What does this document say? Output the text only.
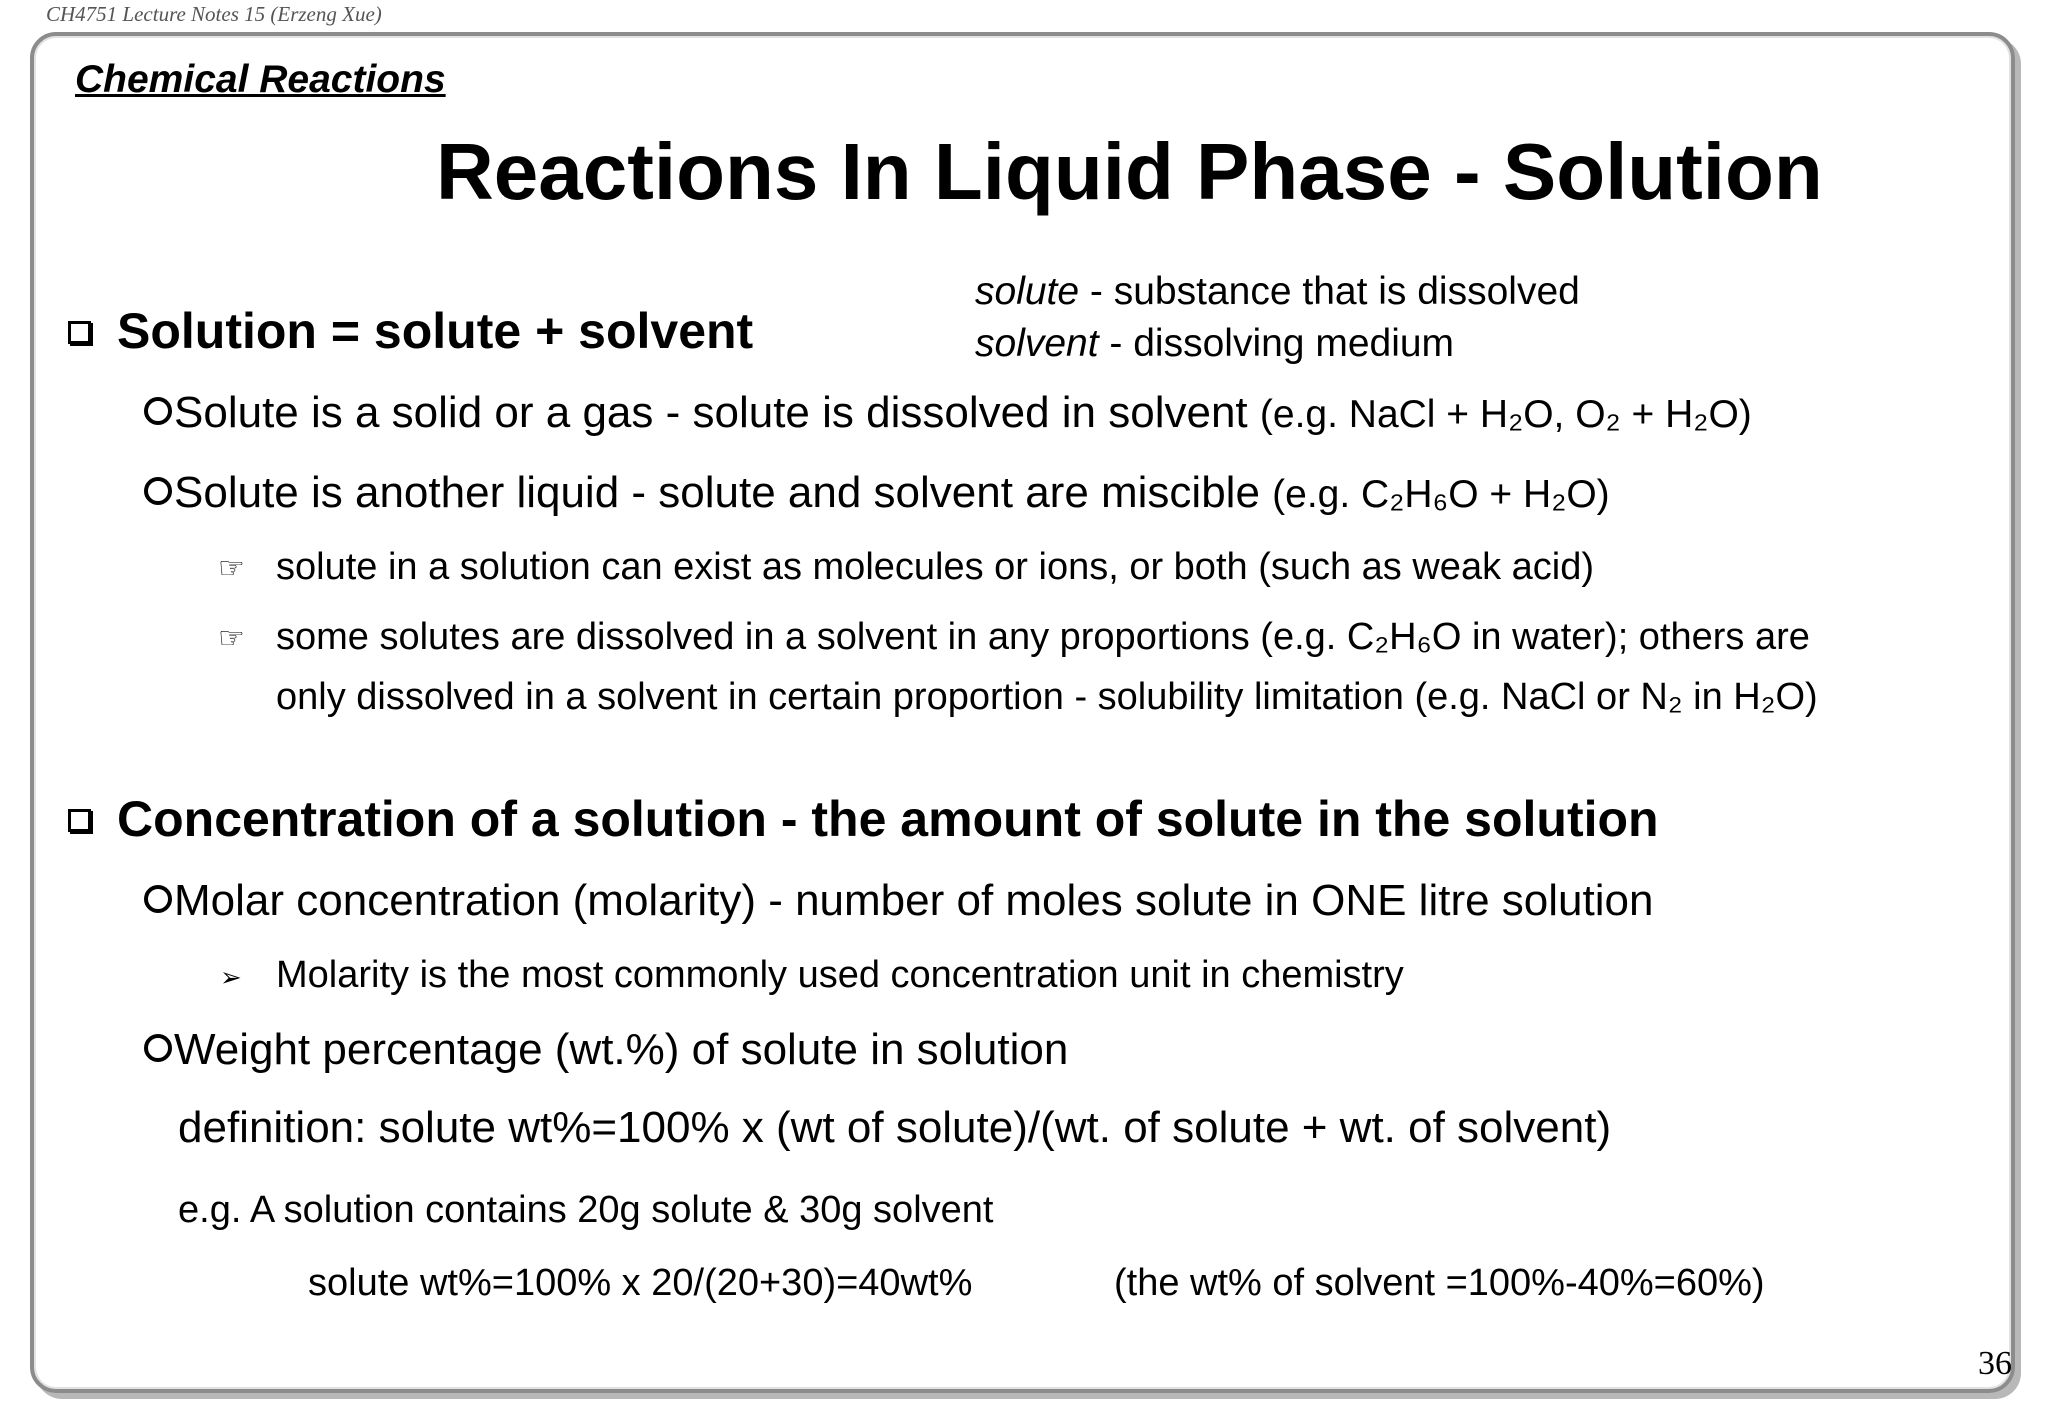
CH4751 Lecture Notes 15 (Erzeng Xue)
Chemical Reactions
Reactions In Liquid Phase - Solution
solute - substance that is dissolved
solvent - dissolving medium
Solution = solute + solvent
Solute is a solid or a gas - solute is dissolved in solvent (e.g. NaCl + H₂O, O₂ + H₂O)
Solute is another liquid - solute and solvent are miscible (e.g. C₂H₆O + H₂O)
☞ solute in a solution can exist as molecules or ions, or both (such as weak acid)
☞ some solutes are dissolved in a solvent in any proportions (e.g. C₂H₆O in water); others are
only dissolved in a solvent in certain proportion - solubility limitation (e.g. NaCl or N₂ in H₂O)
Concentration of a solution - the amount of solute in the solution
Molar concentration (molarity) - number of moles solute in ONE litre solution
➢ Molarity is the most commonly used concentration unit in chemistry
Weight percentage (wt.%) of solute in solution
definition: solute wt%=100% x (wt of solute)/(wt. of solute + wt. of solvent)
e.g. A solution contains 20g solute & 30g solvent
solute wt%=100% x 20/(20+30)=40wt%	(the wt% of solvent =100%-40%=60%)
36
